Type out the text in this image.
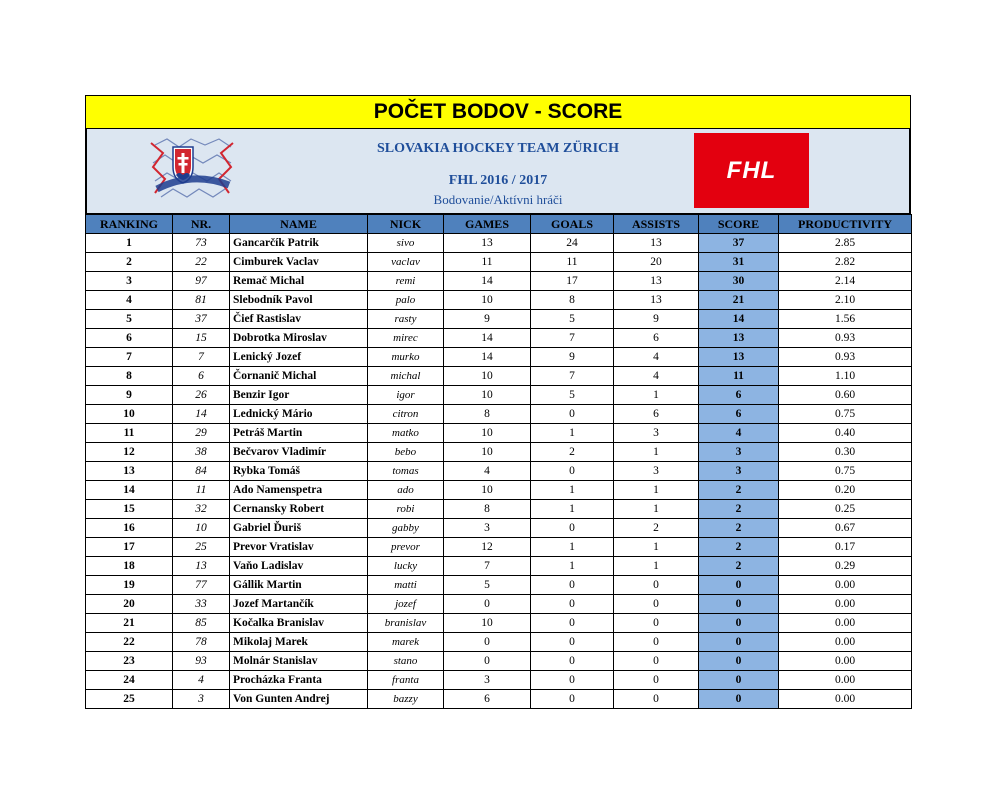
POČET BODOV - SCORE
SLOVAKIA HOCKEY TEAM ZÜRICH
FHL 2016 / 2017
Bodovanie/Aktívni hráči
FHL
RANKING	NR.	NAME	NICK	GAMES	GOALS	ASSISTS	SCORE	PRODUCTIVITY
1	73	Gancarčík Patrik	sivo	13	24	13	37	2.85
2	22	Cimburek Vaclav	vaclav	11	11	20	31	2.82
3	97	Remač Michal	remi	14	17	13	30	2.14
4	81	Slebodník Pavol	palo	10	8	13	21	2.10
5	37	Čief Rastislav	rasty	9	5	9	14	1.56
6	15	Dobrotka Miroslav	mirec	14	7	6	13	0.93
7	7	Lenický Jozef	murko	14	9	4	13	0.93
8	6	Čornanič Michal	michal	10	7	4	11	1.10
9	26	Benzir Igor	igor	10	5	1	6	0.60
10	14	Lednický Mário	citron	8	0	6	6	0.75
11	29	Petráš Martin	matko	10	1	3	4	0.40
12	38	Bečvarov Vladimír	bebo	10	2	1	3	0.30
13	84	Rybka Tomáš	tomas	4	0	3	3	0.75
14	11	Ado Namenspetra	ado	10	1	1	2	0.20
15	32	Cernansky Robert	robi	8	1	1	2	0.25
16	10	Gabriel Ďuriš	gabby	3	0	2	2	0.67
17	25	Prevor Vratislav	prevor	12	1	1	2	0.17
18	13	Vaňo Ladislav	lucky	7	1	1	2	0.29
19	77	Gállik Martin	matti	5	0	0	0	0.00
20	33	Jozef Martančík	jozef	0	0	0	0	0.00
21	85	Kočalka Branislav	branislav	10	0	0	0	0.00
22	78	Mikolaj Marek	marek	0	0	0	0	0.00
23	93	Molnár Stanislav	stano	0	0	0	0	0.00
24	4	Procházka Franta	franta	3	0	0	0	0.00
25	3	Von Gunten Andrej	bazzy	6	0	0	0	0.00
